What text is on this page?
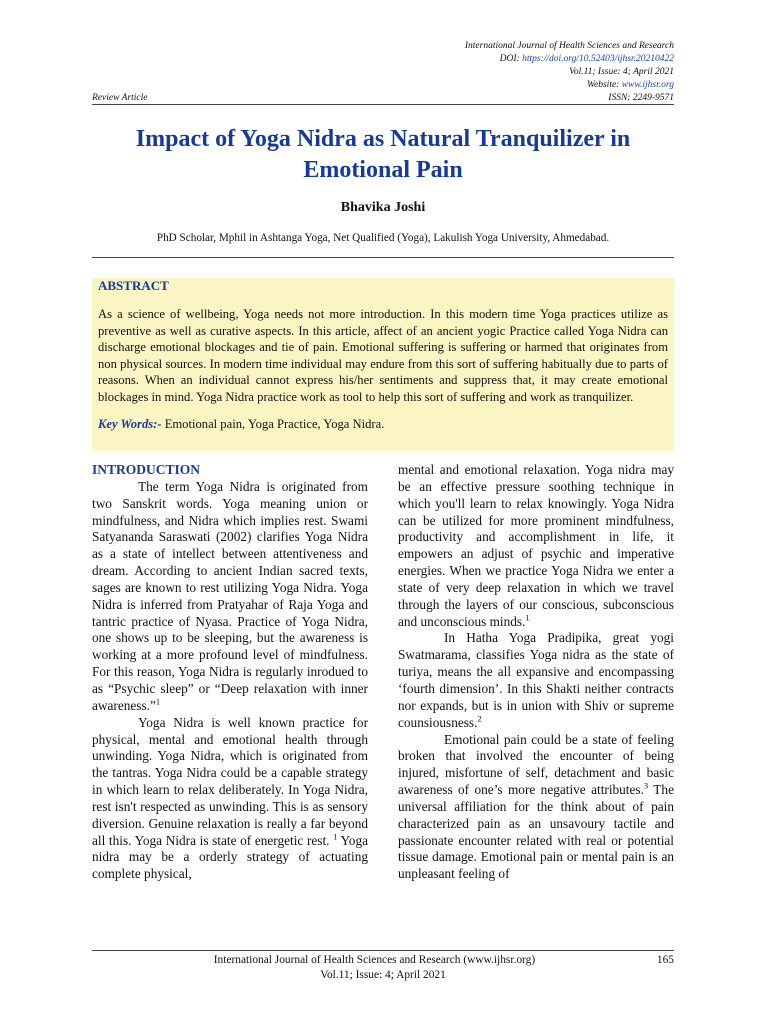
International Journal of Health Sciences and Research
DOI: https://doi.org/10.52403/ijhsr.20210422
Vol.11; Issue: 4; April 2021
Website: www.ijhsr.org
Review Article	ISSN: 2249-9571
Impact of Yoga Nidra as Natural Tranquilizer in
Emotional Pain
Bhavika Joshi
PhD Scholar, Mphil in Ashtanga Yoga, Net Qualified (Yoga), Lakulish Yoga University, Ahmedabad.
ABSTRACT
As a science of wellbeing, Yoga needs not more introduction. In this modern time Yoga practices utilize as preventive as well as curative aspects. In this article, affect of an ancient yogic Practice called Yoga Nidra can discharge emotional blockages and tie of pain. Emotional suffering is suffering or harmed that originates from non physical sources. In modern time individual may endure from this sort of suffering habitually due to parts of reasons. When an individual cannot express his/her sentiments and suppress that, it may create emotional blockages in mind. Yoga Nidra practice work as tool to help this sort of suffering and work as tranquilizer.
Key Words:- Emotional pain, Yoga Practice, Yoga Nidra.

INTRODUCTION

The term Yoga Nidra is originated from two Sanskrit words. Yoga meaning union or mindfulness, and Nidra which implies rest. Swami Satyananda Saraswati (2002) clarifies Yoga Nidra as a state of intellect between attentiveness and dream. According to ancient Indian sacred texts, sages are known to rest utilizing Yoga Nidra. Yoga Nidra is inferred from Pratyahar of Raja Yoga and tantric practice of Nyasa. Practice of Yoga Nidra, one shows up to be sleeping, but the awareness is working at a more profound level of mindfulness. For this reason, Yoga Nidra is regularly inrodued to as “Psychic sleep” or “Deep relaxation with inner awareness.”$^1$

Yoga Nidra is well known practice for physical, mental and emotional health through unwinding. Yoga Nidra, which is originated from the tantras. Yoga Nidra could be a capable strategy in which learn to relax deliberately. In Yoga Nidra, rest isn't respected as unwinding. This is as sensory diversion. Genuine relaxation is really a far beyond all this. Yoga Nidra is state of energetic rest. $^1$ Yoga nidra may be a orderly strategy of actuating complete physical,

mental and emotional relaxation. Yoga nidra may be an effective pressure soothing technique in which you'll learn to relax knowingly. Yoga Nidra can be utilized for more prominent mindfulness, productivity and accomplishment in life, it empowers an adjust of psychic and imperative energies. When we practice Yoga Nidra we enter a state of very deep relaxation in which we travel through the layers of our conscious, subconscious and unconscious minds.$^1$

In Hatha Yoga Pradipika, great yogi Swatmarama, classifies Yoga nidra as the state of turiya, means the all expansive and encompassing ‘fourth dimension’. In this Shakti neither contracts nor expands, but is in union with Shiv or supreme counsiousness.$^2$

Emotional pain could be a state of feeling broken that involved the encounter of being injured, misfortune of self, detachment and basic awareness of one’s more negative attributes.$^3$ The universal affiliation for the think about of pain characterized pain as an unsavoury tactile and passionate encounter related with real or potential tissue damage. Emotional pain or mental pain is an unpleasant feeling of

International Journal of Health Sciences and Research (www.ijhsr.org)	165
Vol.11; Issue: 4; April 2021
